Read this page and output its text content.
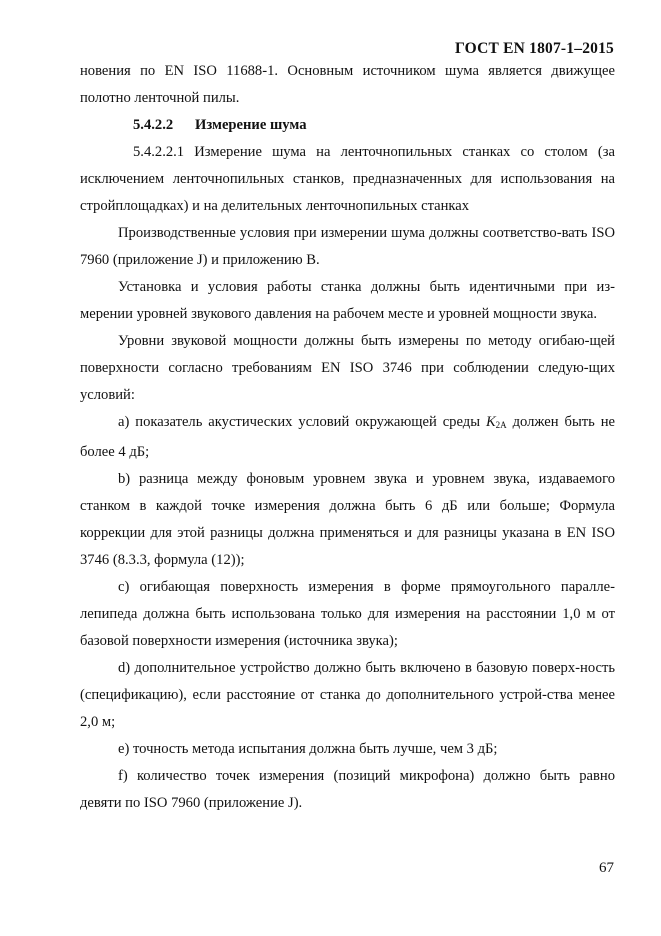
ГОСТ EN 1807-1–2015

новения по EN ISO 11688-1. Основным источником шума является движущее полотно ленточной пилы.

5.4.2.2 Измерение шума

5.4.2.2.1 Измерение шума на ленточнопильных станках со столом (за исключением ленточнопильных станков, предназначенных для использования на стройплощадках) и на делительных ленточнопильных станках

Производственные условия при измерении шума должны соответство-вать ISO 7960 (приложение J) и приложению B.

Установка и условия работы станка должны быть идентичными при из-мерении уровней звукового давления на рабочем месте и уровней мощности звука.

Уровни звуковой мощности должны быть измерены по методу огибаю-щей поверхности согласно требованиям EN ISO 3746 при соблюдении следую-щих условий:

а) показатель акустических условий окружающей среды $K_{2A}$ должен быть не более 4 дБ;

b) разница между фоновым уровнем звука и уровнем звука, издаваемого станком в каждой точке измерения должна быть 6 дБ или больше; Формула коррекции для этой разницы должна применяться и для разницы указана в EN ISO 3746 (8.3.3, формула (12));

c) огибающая поверхность измерения в форме прямоугольного паралле-лепипеда должна быть использована только для измерения на расстоянии 1,0 м от базовой поверхности измерения (источника звука);

d) дополнительное устройство должно быть включено в базовую поверх-ность (спецификацию), если расстояние от станка до дополнительного устрой-ства менее 2,0 м;

e) точность метода испытания должна быть лучше, чем 3 дБ;

f) количество точек измерения (позиций микрофона) должно быть равно девяти по ISO 7960 (приложение J).

67
